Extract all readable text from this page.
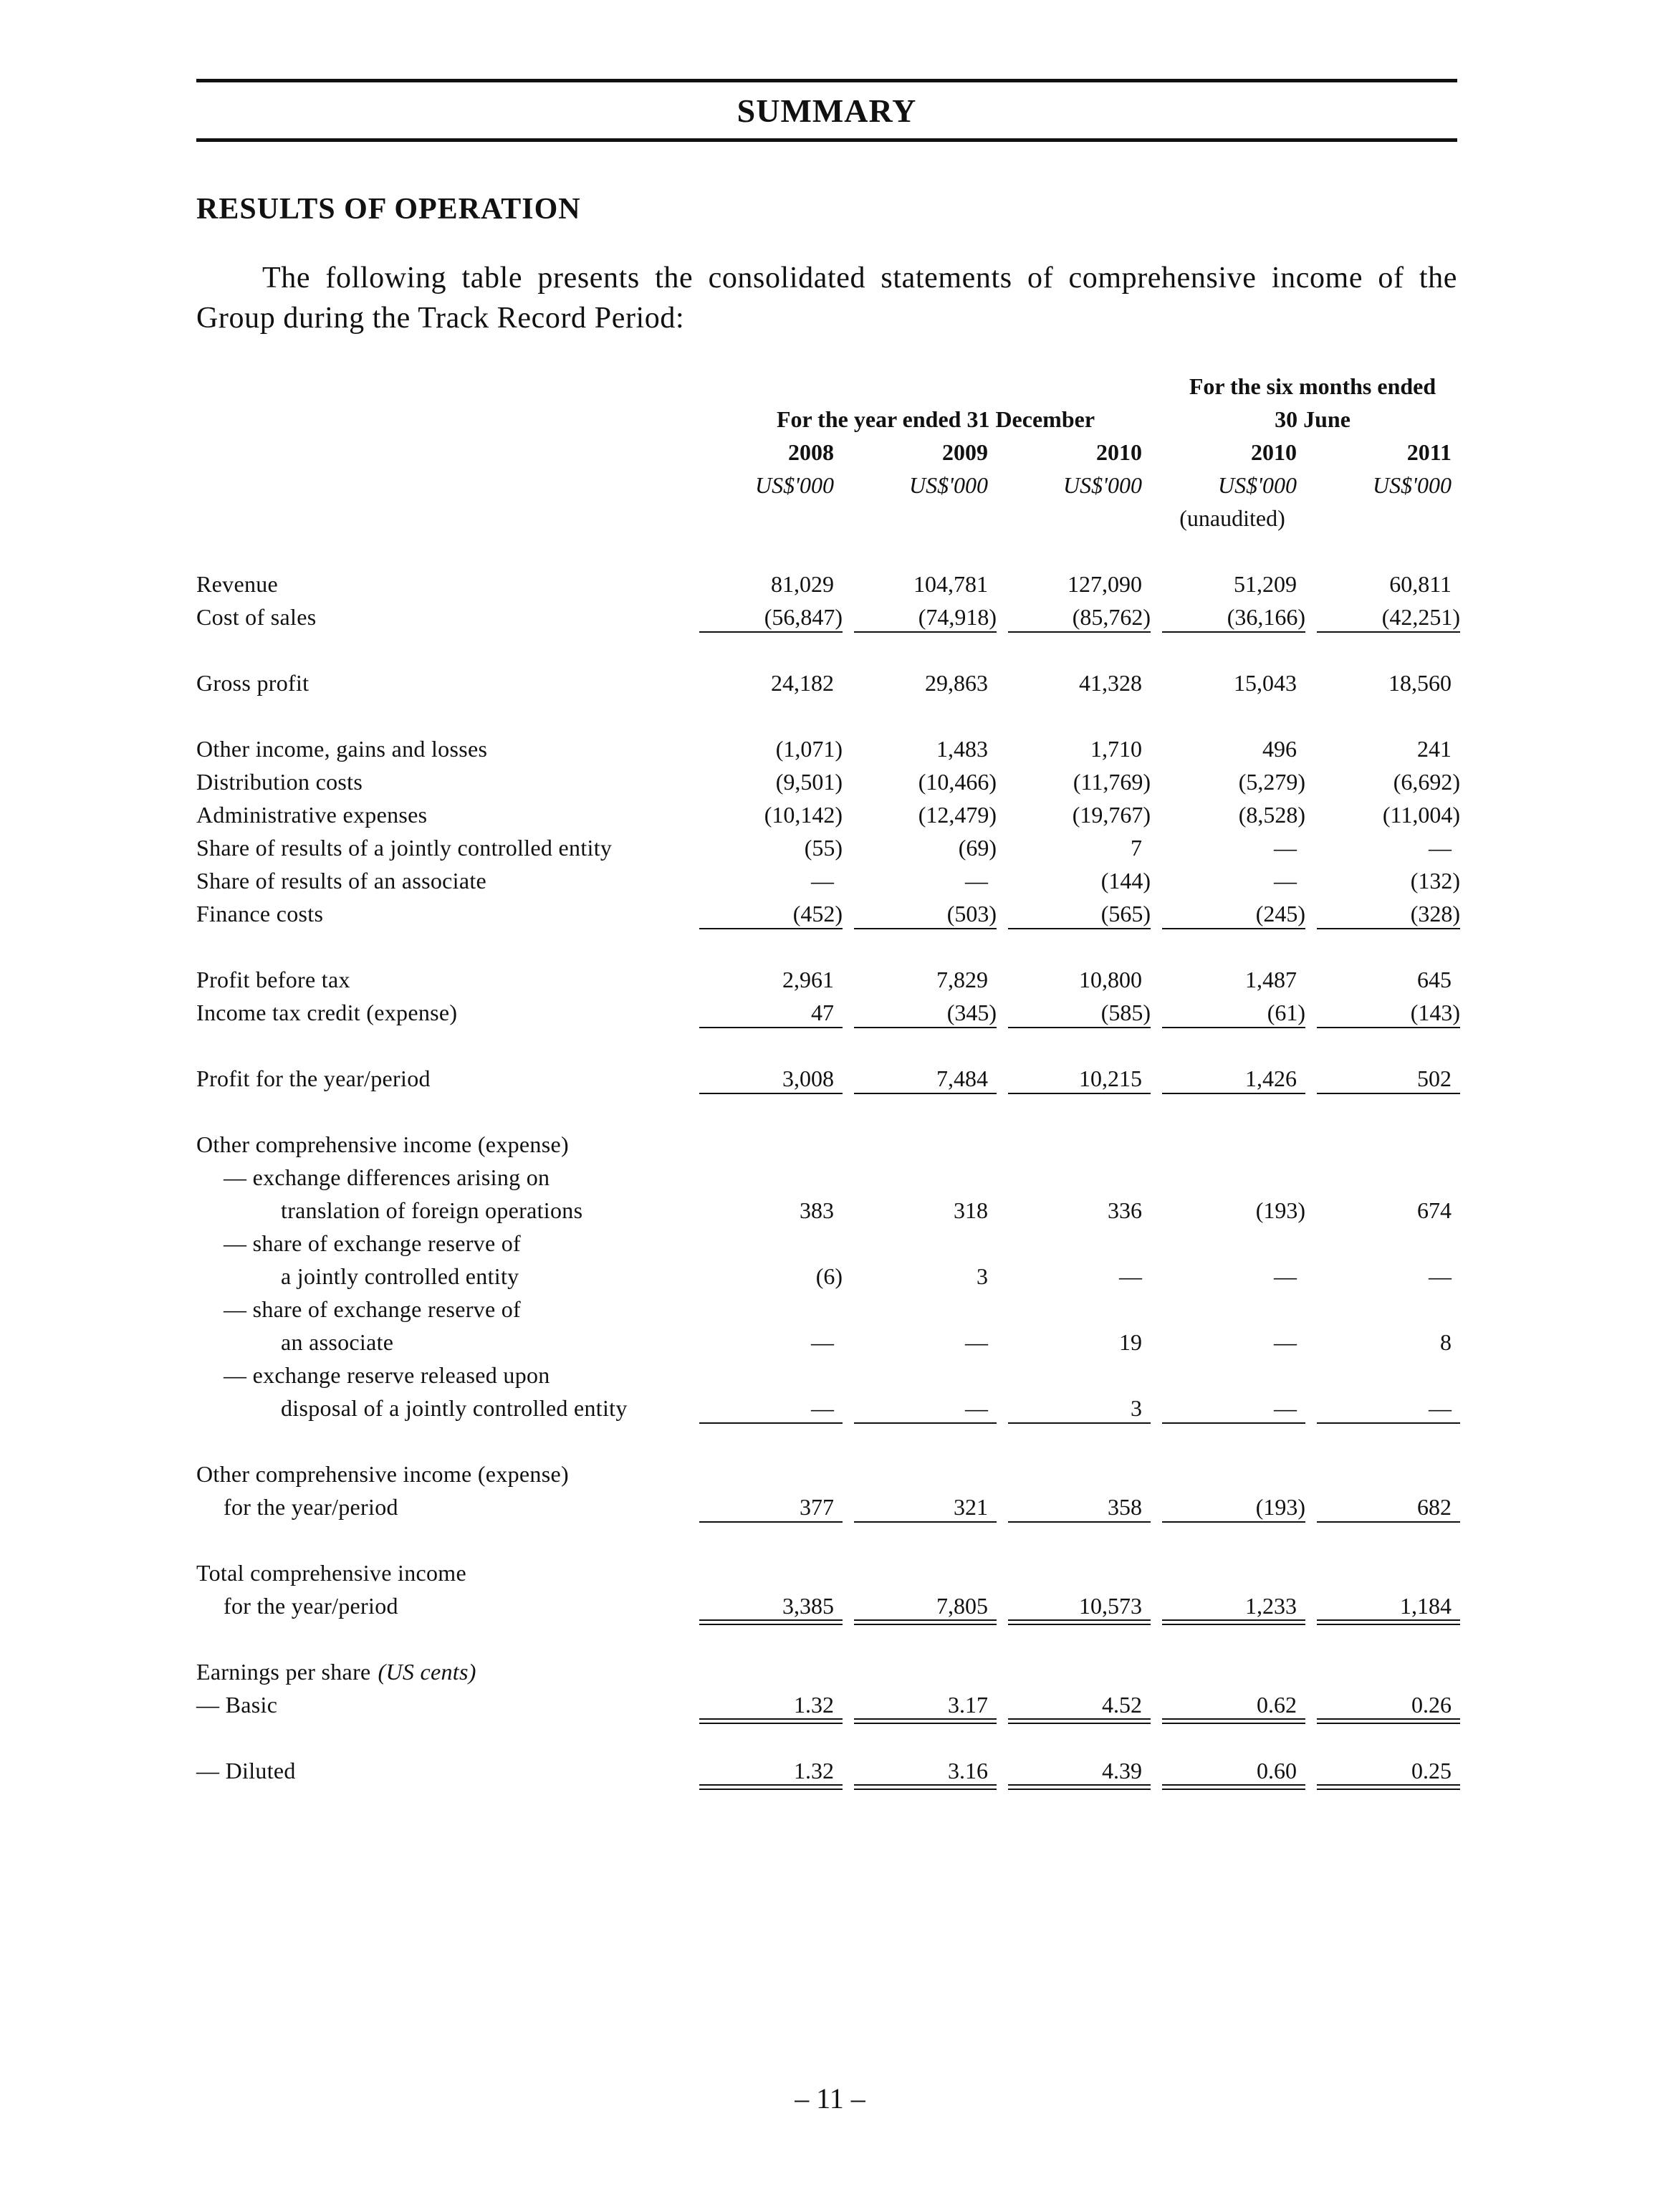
SUMMARY
RESULTS OF OPERATION
The following table presents the consolidated statements of comprehensive income of the Group during the Track Record Period:
For the year ended 31 December
For the six months ended
30 June
2008	2009	2010	2010	2011
US$'000	US$'000	US$'000	US$'000	US$'000
(unaudited)
Revenue	81,029	104,781	127,090	51,209	60,811
Cost of sales	(56,847)	(74,918)	(85,762)	(36,166)	(42,251)
Gross profit	24,182	29,863	41,328	15,043	18,560
Other income, gains and losses	(1,071)	1,483	1,710	496	241
Distribution costs	(9,501)	(10,466)	(11,769)	(5,279)	(6,692)
Administrative expenses	(10,142)	(12,479)	(19,767)	(8,528)	(11,004)
Share of results of a jointly controlled entity	(55)	(69)	7	—	—
Share of results of an associate	—	—	(144)	—	(132)
Finance costs	(452)	(503)	(565)	(245)	(328)
Profit before tax	2,961	7,829	10,800	1,487	645
Income tax credit (expense)	47	(345)	(585)	(61)	(143)
Profit for the year/period	3,008	7,484	10,215	1,426	502
Other comprehensive income (expense)
— exchange differences arising on
translation of foreign operations	383	318	336	(193)	674
— share of exchange reserve of
a jointly controlled entity	(6)	3	—	—	—
— share of exchange reserve of
an associate	—	—	19	—	8
— exchange reserve released upon
disposal of a jointly controlled entity	—	—	3	—	—
Other comprehensive income (expense)
for the year/period	377	321	358	(193)	682
Total comprehensive income
for the year/period	3,385	7,805	10,573	1,233	1,184
Earnings per share (US cents)
— Basic	1.32	3.17	4.52	0.62	0.26
— Diluted	1.32	3.16	4.39	0.60	0.25
– 11 –
